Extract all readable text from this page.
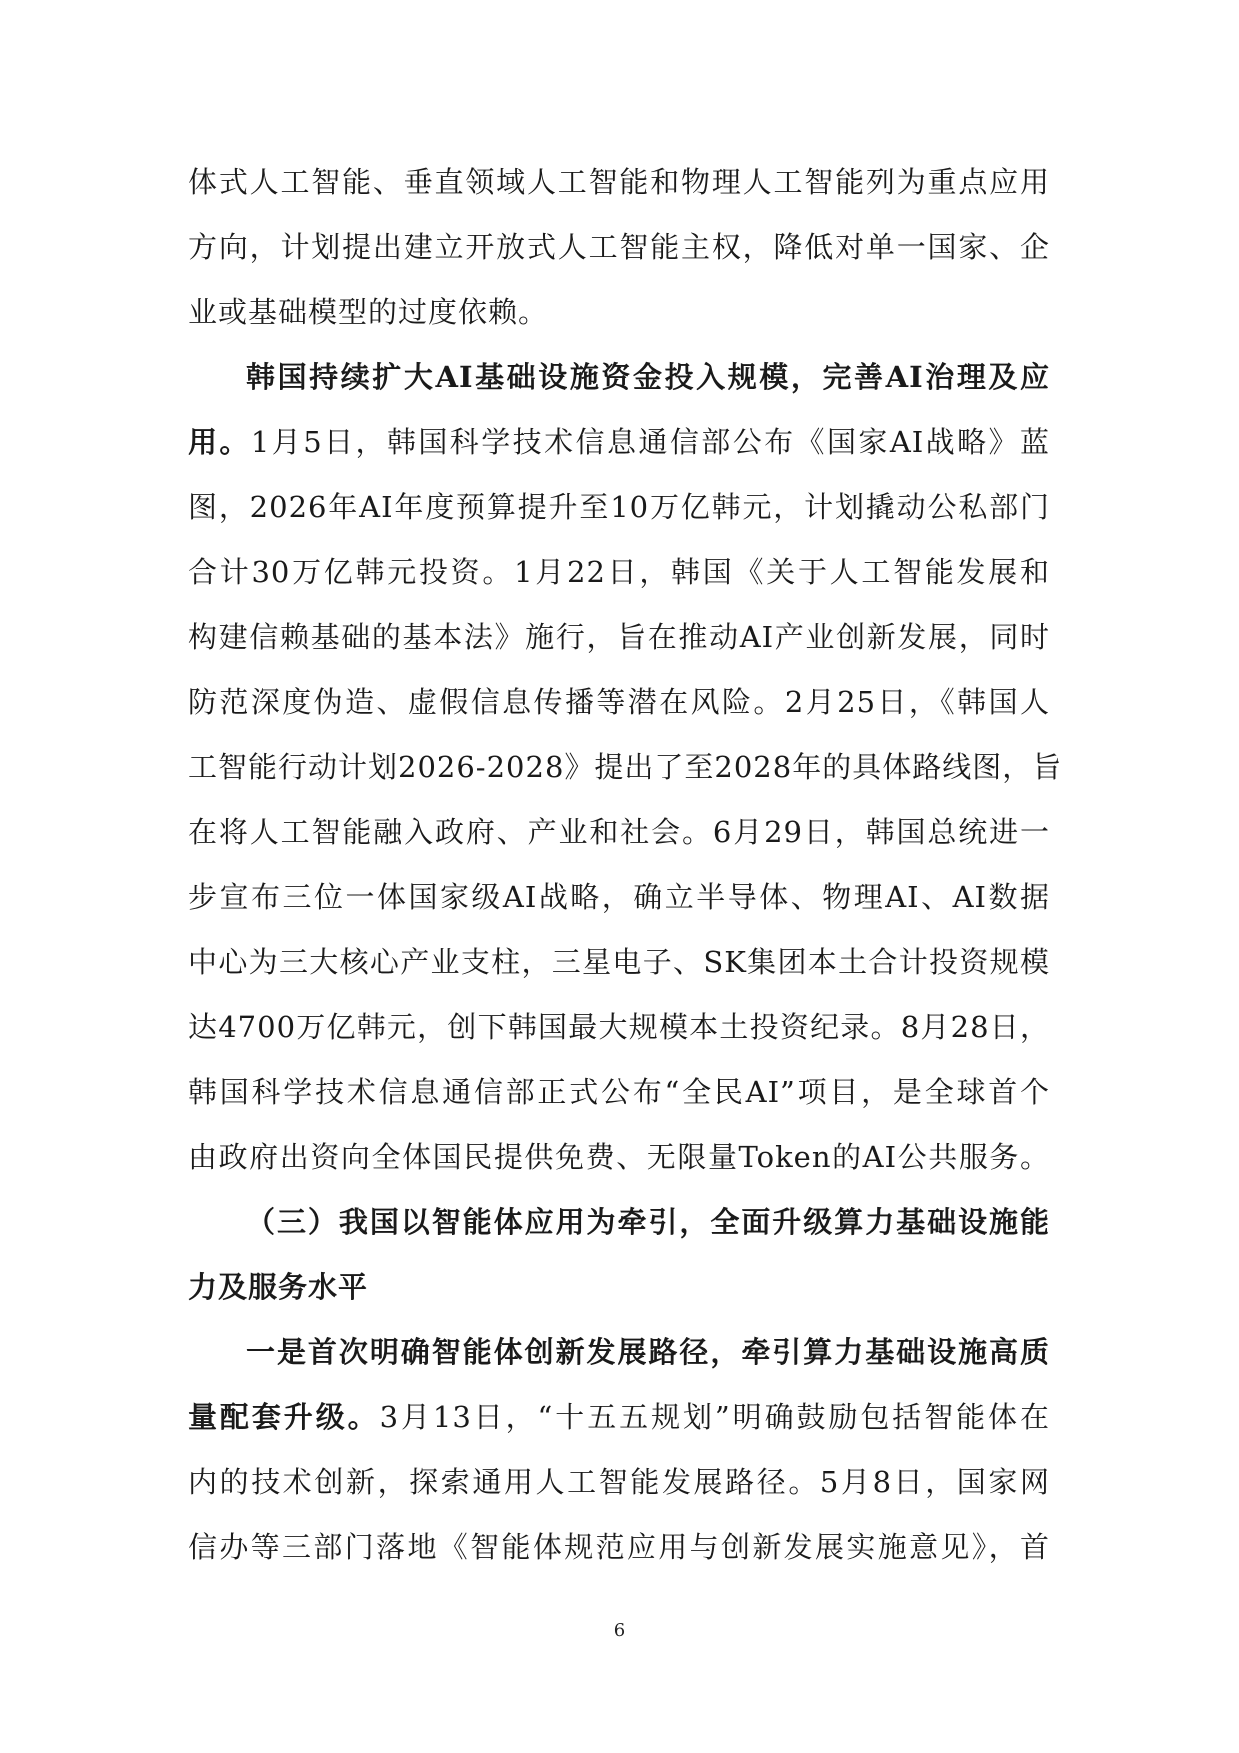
体式人工智能、垂直领域人工智能和物理人工智能列为重点应用
方向，计划提出建立开放式人工智能主权，降低对单一国家、企
业或基础模型的过度依赖。
韩国持续扩大AI基础设施资金投入规模，完善AI治理及应
用。1月5日，韩国科学技术信息通信部公布《国家AI战略》蓝
图，2026年AI年度预算提升至10万亿韩元，计划撬动公私部门
合计30万亿韩元投资。1月22日，韩国《关于人工智能发展和
构建信赖基础的基本法》施行，旨在推动AI产业创新发展，同时
防范深度伪造、虚假信息传播等潜在风险。2月25日，《韩国人
工智能行动计划2026-2028》提出了至2028年的具体路线图，旨
在将人工智能融入政府、产业和社会。6月29日，韩国总统进一
步宣布三位一体国家级AI战略，确立半导体、物理AI、AI数据
中心为三大核心产业支柱，三星电子、SK集团本土合计投资规模
达4700万亿韩元，创下韩国最大规模本土投资纪录。8月28日，
韩国科学技术信息通信部正式公布“全民AI”项目，是全球首个
由政府出资向全体国民提供免费、无限量Token的AI公共服务。
（三）我国以智能体应用为牵引，全面升级算力基础设施能
力及服务水平
一是首次明确智能体创新发展路径，牵引算力基础设施高质
量配套升级。3月13日，“十五五规划”明确鼓励包括智能体在
内的技术创新，探索通用人工智能发展路径。5月8日，国家网
信办等三部门落地《智能体规范应用与创新发展实施意见》，首
6
